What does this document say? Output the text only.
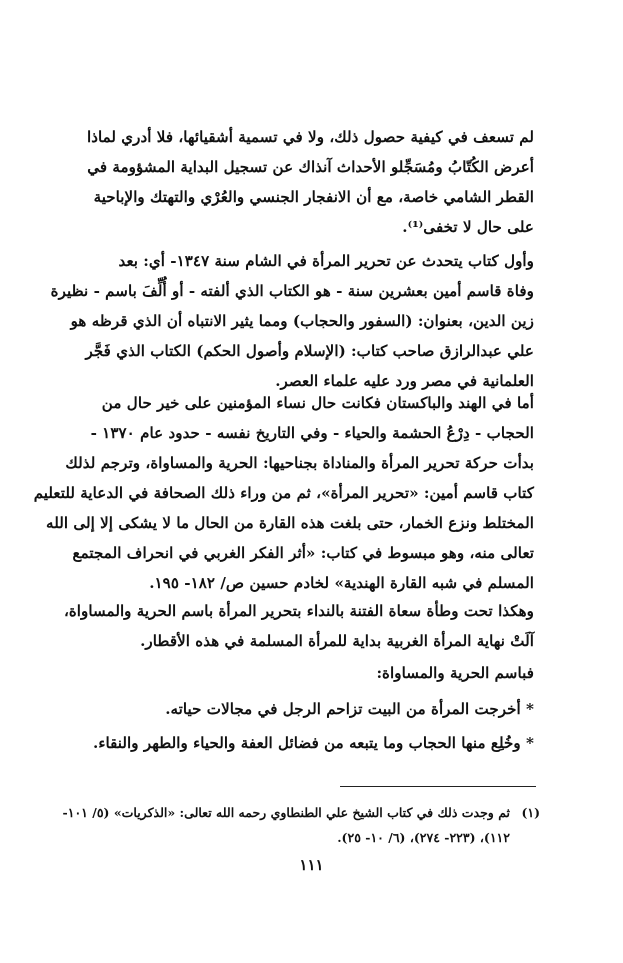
لم تسعف في كيفية حصول ذلك، ولا في تسمية أشقيائها، فلا أدري لماذا
أعرض الكُتّابُ ومُسَجِّلو الأحداث آنذاك عن تسجيل البداية المشؤومة في
القطر الشامي خاصة، مع أن الانفجار الجنسي والعُرْي والتهتك والإباحية
على حال لا تخفى⁽¹⁾.
وأول كتاب يتحدث عن تحرير المرأة في الشام سنة ١٣٤٧- أي: بعد
وفاة قاسم أمين بعشرين سنة - هو الكتاب الذي ألفته - أو أُلِّفَ باسم - نظيرة
زين الدين، بعنوان: (السفور والحجاب) ومما يثير الانتباه أن الذي قرظه هو
علي عبدالرازق صاحب كتاب: (الإسلام وأصول الحكم) الكتاب الذي فَجَّر
العلمانية في مصر ورد عليه علماء العصر.
أما في الهند والباكستان فكانت حال نساء المؤمنين على خير حال من
الحجاب - دِرْعُ الحشمة والحياء - وفي التاريخ نفسه - حدود عام ١٣٧٠ -
بدأت حركة تحرير المرأة والمناداة بجناحيها: الحرية والمساواة، وترجم لذلك
كتاب قاسم أمين: «تحرير المرأة»، ثم من وراء ذلك الصحافة في الدعاية للتعليم
المختلط ونزع الخمار، حتى بلغت هذه القارة من الحال ما لا يشكى إلا إلى الله
تعالى منه، وهو مبسوط في كتاب: «أثر الفكر الغربي في انحراف المجتمع
المسلم في شبه القارة الهندية» لخادم حسين ص/ ١٨٢- ١٩٥.
وهكذا تحت وطأة سعاة الفتنة بالنداء بتحرير المرأة باسم الحرية والمساواة،
آلَتْ نهاية المرأة الغربية بداية للمرأة المسلمة في هذه الأقطار.
فباسم الحرية والمساواة:
* أخرجت المرأة من البيت تزاحم الرجل في مجالات حياته.
* وخُلِع منها الحجاب وما يتبعه من فضائل العفة والحياء والطهر والنقاء.
(١)
ثم وجدت ذلك في كتاب الشيخ علي الطنطاوي رحمه الله تعالى: «الذكريات» (٥/ ١٠١-
١١٢)، (٢٢٣- ٢٧٤)، (٦/ ١٠- ٢٥).
١١١
